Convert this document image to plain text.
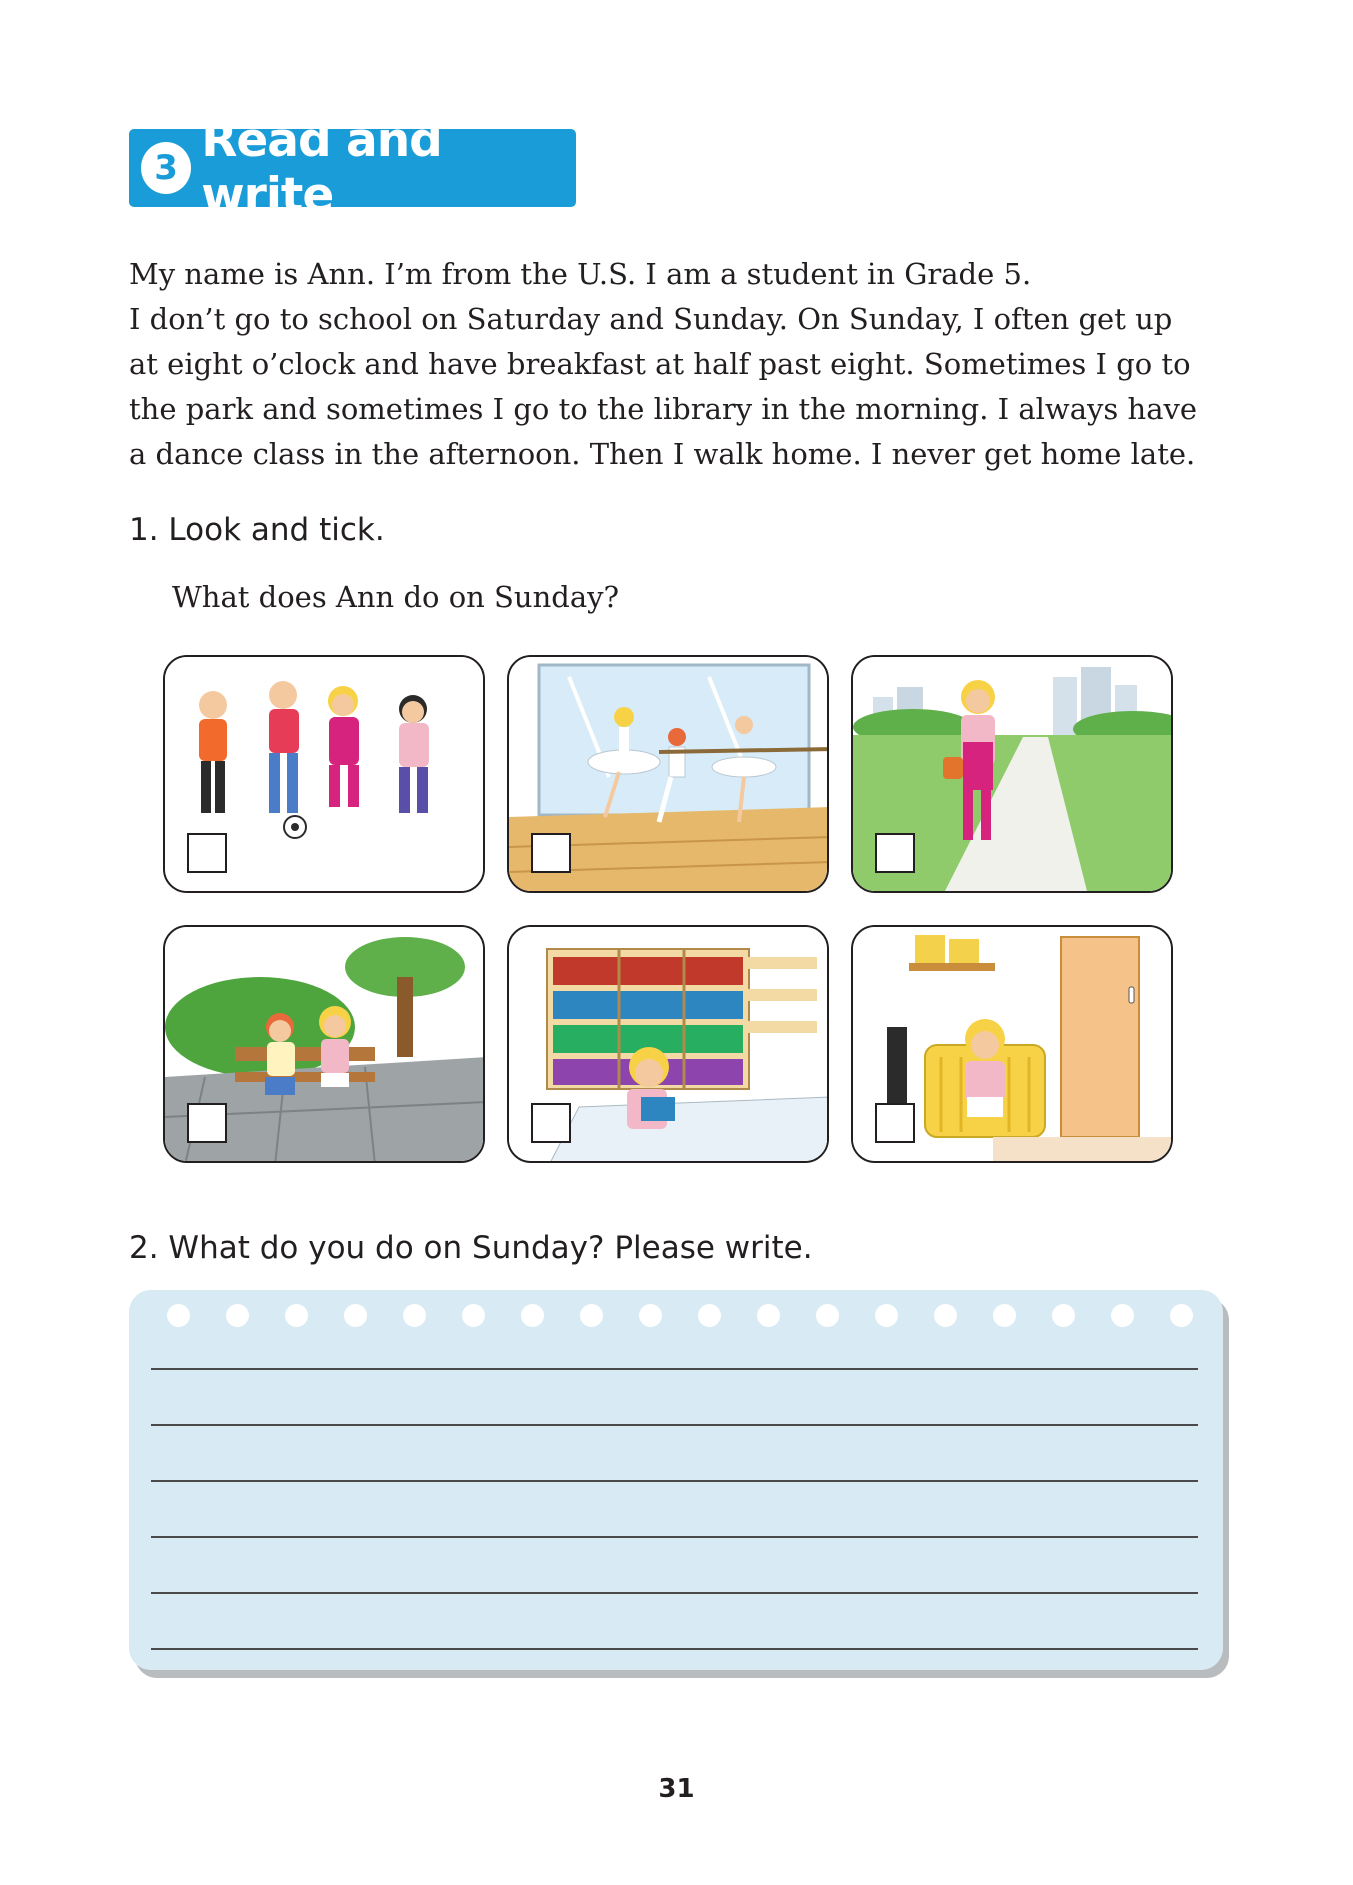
3 Read and write
My name is Ann. I’m from the U.S. I am a student in Grade 5.
I don’t go to school on Saturday and Sunday. On Sunday, I often get up
at eight o’clock and have breakfast at half past eight. Sometimes I go to
the park and sometimes I go to the library in the morning. I always have
a dance class in the afternoon. Then I walk home. I never get home late.
1. Look and tick.
What does Ann do on Sunday?
2. What do you do on Sunday? Please write.
31
